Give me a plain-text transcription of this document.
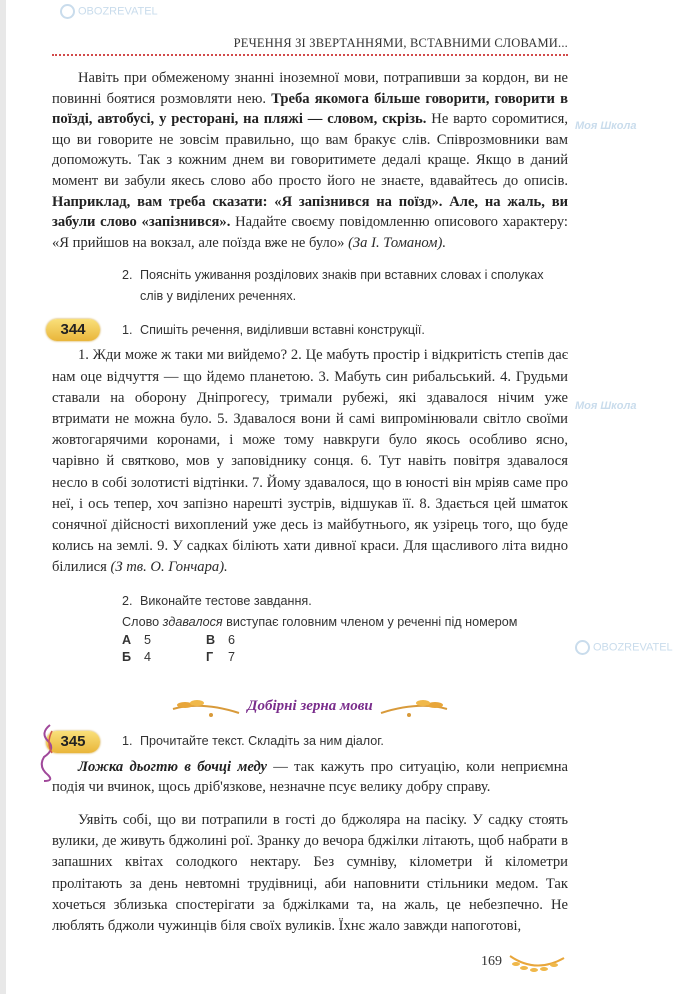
OBOZREVATEL
Моя Школа
Моя Школа
OBOZREVATEL
РЕЧЕННЯ ЗІ ЗВЕРТАННЯМИ, ВСТАВНИМИ СЛОВАМИ...

Навіть при обмеженому знанні іноземної мови, потрапивши за кордон, ви не повинні боятися розмовляти нею. Треба якомога більше говорити, говорити в поїзді, автобусі, у ресторані, на пляжі — словом, скрізь. Не варто соромитися, що ви говорите не зовсім правильно, що вам бракує слів. Співрозмовники вам допоможуть. Так з кожним днем ви говоритимете дедалі краще. Якщо в даний момент ви забули якесь слово або просто його не знаєте, вдавайтесь до описів. Наприклад, вам треба сказати: «Я запізнився на поїзд». Але, на жаль, ви забули слово «запізнився». Надайте своєму повідомленню описового характеру: «Я прийшов на вокзал, але поїзда вже не було» (За І. Томаном).

2. Поясніть уживання розділових знаків при вставних словах і сполуках слів у виділених реченнях.
344	1. Спишіть речення, виділивши вставні конструкції.

1. Жди може ж таки ми вийдемо? 2. Це мабуть простір і відкритість степів дає нам оце відчуття — що йдемо планетою. 3. Мабуть син рибальський. 4. Грудьми ставали на оборону Дніпрогесу, тримали рубежі, які здавалося нічим уже втримати не можна було. 5. Здавалося вони й самі випромінювали світло своїми жовтогарячими коронами, і може тому навкруги було якось особливо ясно, чарівно й святково, мов у заповіднику сонця. 6. Тут навіть повітря здавалося несло в собі золотисті відтінки. 7. Йому здавалося, що в юності він мріяв саме про неї, і ось тепер, хоч запізно нарешті зустрів, відшукав її. 8. Здається цей шматок сонячної дійсності вихоплений уже десь із майбутнього, як узірець того, що буде колись на землі. 9. У садках біліють хати дивної краси. Для щасливого літа видно білилися (З тв. О. Гончара).

2. Виконайте тестове завдання.
Слово здавалося виступає головним членом у реченні під номером
А 5	В 6
Б 4	Г 7
Добірні зерна мови
345	1. Прочитайте текст. Складіть за ним діалог.

Ложка дьогтю в бочці меду — так кажуть про ситуацію, коли неприємна подія чи вчинок, щось дріб'язкове, незначне псує велику добру справу.

Уявіть собі, що ви потрапили в гості до бджоляра на пасіку. У садку стоять вулики, де живуть бджолині рої. Зранку до вечора бджілки літають, щоб набрати в запашних квітах солодкого нектару. Без сумніву, кілометри й кілометри пролітають за день невтомні трудівниці, аби наповнити стільники медом. Так хочеться зблизька спостерігати за бджілками та, на жаль, це небезпечно. Не люблять бджоли чужинців біля своїх вуликів. Їхнє жало завжди напоготові,

169
